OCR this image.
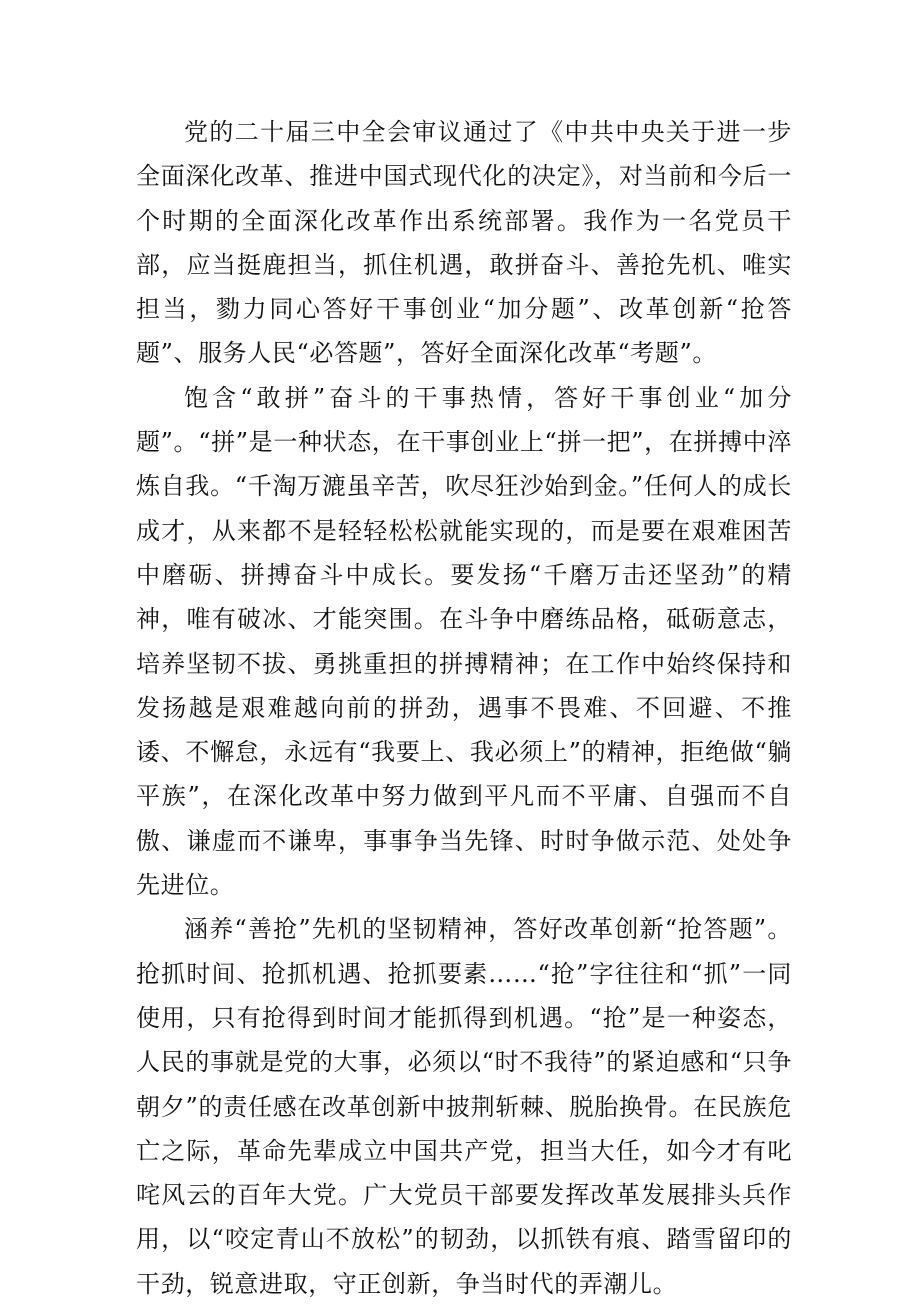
党的二十届三中全会审议通过了《中共中央关于进一步全面深化改革、推进中国式现代化的决定》，对当前和今后一个时期的全面深化改革作出系统部署。我作为一名党员干部，应当挺鹿担当，抓住机遇，敢拼奋斗、善抢先机、唯实担当，勠力同心答好干事创业“加分题”、改革创新“抢答题”、服务人民“必答题”，答好全面深化改革“考题”。

饱含“敢拼”奋斗的干事热情，答好干事创业“加分题”。“拼”是一种状态，在干事创业上“拼一把”，在拼搏中淬炼自我。“千淘万漉虽辛苦，吹尽狂沙始到金。”任何人的成长成才，从来都不是轻轻松松就能实现的，而是要在艰难困苦中磨砺、拼搏奋斗中成长。要发扬“千磨万击还坚劲”的精神，唯有破冰、才能突围。在斗争中磨练品格，砥砺意志，培养坚韧不拔、勇挑重担的拼搏精神；在工作中始终保持和发扬越是艰难越向前的拼劲，遇事不畏难、不回避、不推诿、不懈怠，永远有“我要上、我必须上”的精神，拒绝做“躺平族”，在深化改革中努力做到平凡而不平庸、自强而不自傲、谦虚而不谦卑，事事争当先锋、时时争做示范、处处争先进位。

涵养“善抢”先机的坚韧精神，答好改革创新“抢答题”。抢抓时间、抢抓机遇、抢抓要素……“抢”字往往和“抓”一同使用，只有抢得到时间才能抓得到机遇。“抢”是一种姿态，人民的事就是党的大事，必须以“时不我待”的紧迫感和“只争朝夕”的责任感在改革创新中披荆斩棘、脱胎换骨。在民族危亡之际，革命先辈成立中国共产党，担当大任，如今才有叱咤风云的百年大党。广大党员干部要发挥改革发展排头兵作用，以“咬定青山不放松”的韧劲，以抓铁有痕、踏雪留印的干劲，锐意进取，守正创新，争当时代的弄潮儿。
